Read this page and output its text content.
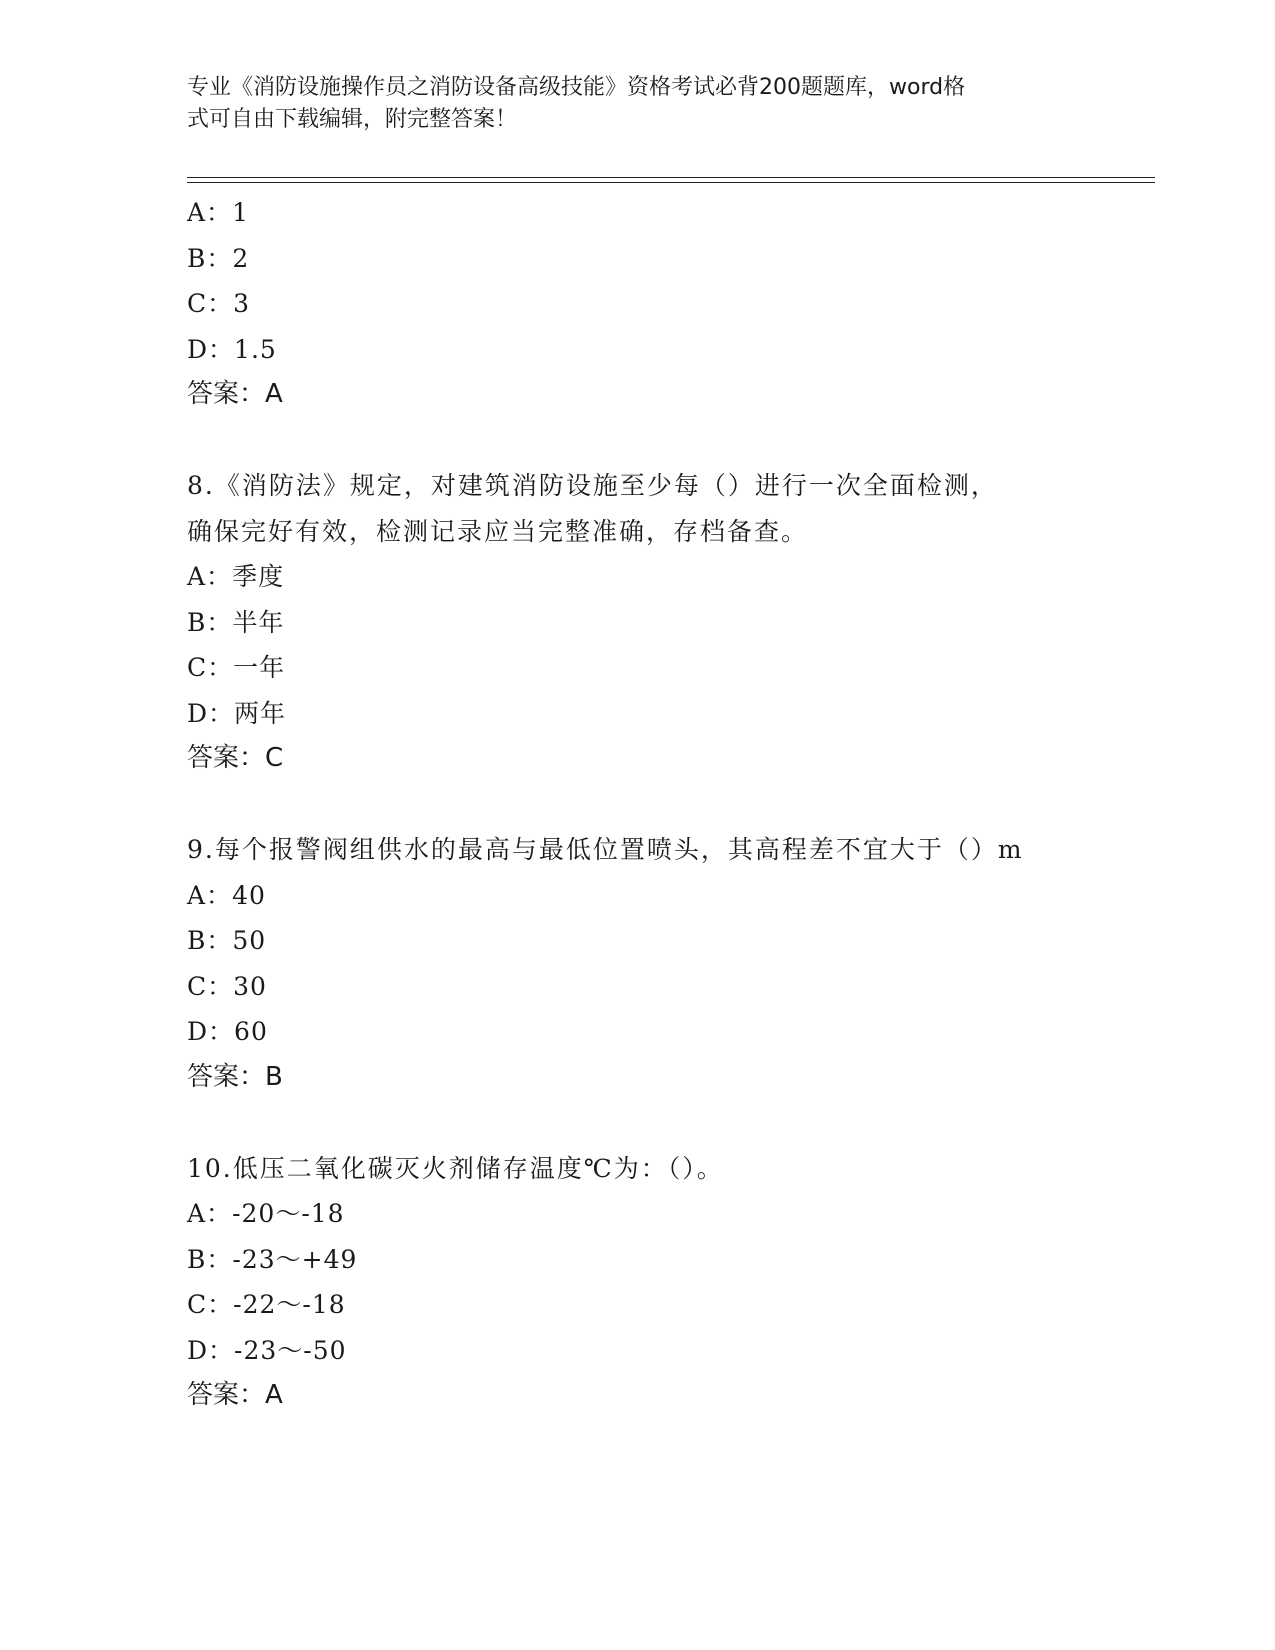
专业《消防设施操作员之消防设备高级技能》资格考试必背200题题库，word格
式可自由下载编辑，附完整答案！
A：1
B：2
C：3
D：1.5
答案：A
8.《消防法》规定，对建筑消防设施至少每（）进行一次全面检测，
确保完好有效，检测记录应当完整准确，存档备查。
A：季度
B：半年
C：一年
D：两年
答案：C
9.每个报警阀组供水的最高与最低位置喷头，其高程差不宜大于（）m
A：40
B：50
C：30
D：60
答案：B
10.低压二氧化碳灭火剂储存温度℃为：（）。
A：-20～-18
B：-23～+49
C：-22～-18
D：-23～-50
答案：A
